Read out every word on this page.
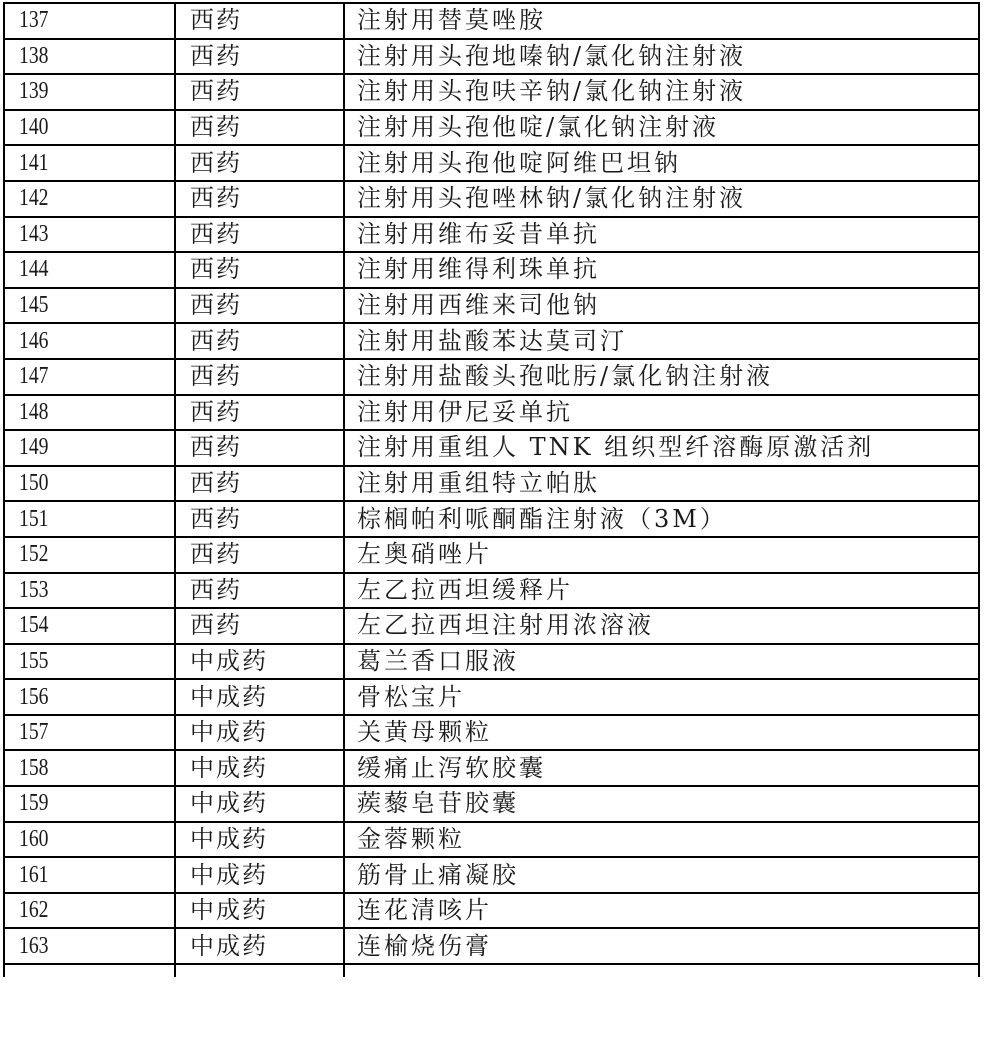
137	西药	注射用替莫唑胺
138	西药	注射用头孢地嗪钠/氯化钠注射液
139	西药	注射用头孢呋辛钠/氯化钠注射液
140	西药	注射用头孢他啶/氯化钠注射液
141	西药	注射用头孢他啶阿维巴坦钠
142	西药	注射用头孢唑林钠/氯化钠注射液
143	西药	注射用维布妥昔单抗
144	西药	注射用维得利珠单抗
145	西药	注射用西维来司他钠
146	西药	注射用盐酸苯达莫司汀
147	西药	注射用盐酸头孢吡肟/氯化钠注射液
148	西药	注射用伊尼妥单抗
149	西药	注射用重组人 TNK 组织型纤溶酶原激活剂
150	西药	注射用重组特立帕肽
151	西药	棕榈帕利哌酮酯注射液（3M）
152	西药	左奥硝唑片
153	西药	左乙拉西坦缓释片
154	西药	左乙拉西坦注射用浓溶液
155	中成药	葛兰香口服液
156	中成药	骨松宝片
157	中成药	关黄母颗粒
158	中成药	缓痛止泻软胶囊
159	中成药	蒺藜皂苷胶囊
160	中成药	金蓉颗粒
161	中成药	筋骨止痛凝胶
162	中成药	连花清咳片
163	中成药	连榆烧伤膏
